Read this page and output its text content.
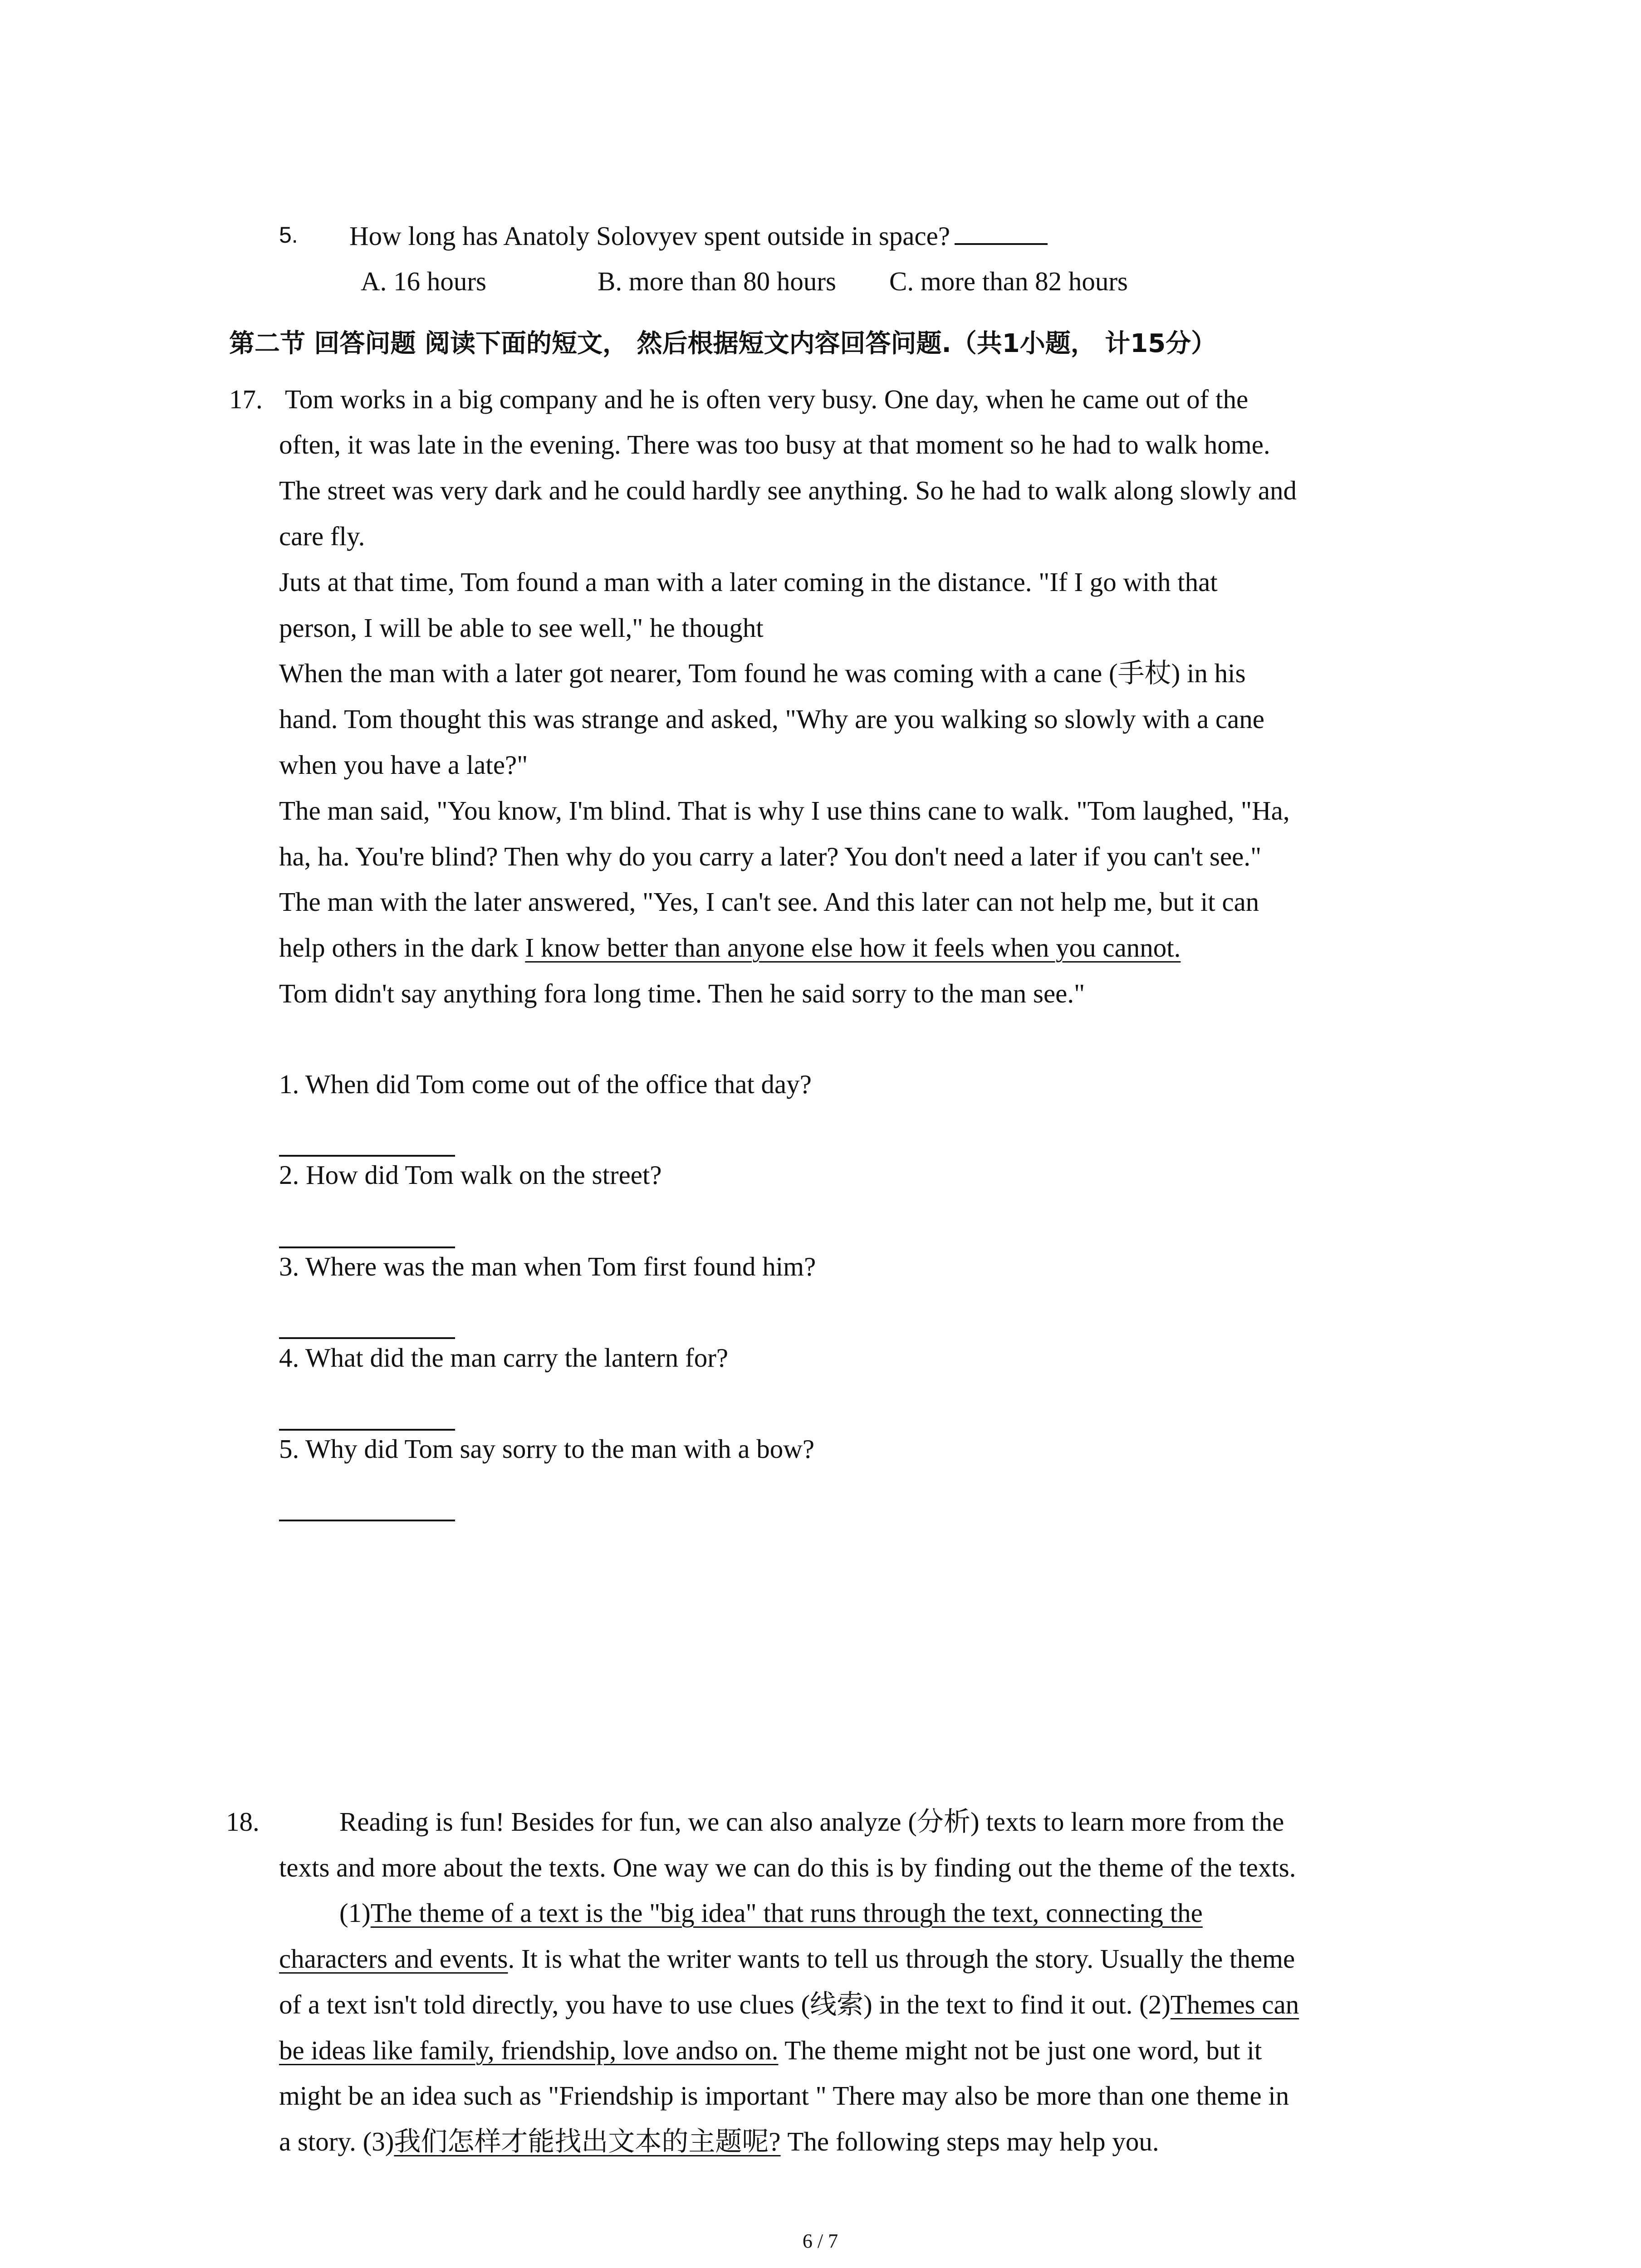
5. How long has Anatoly Solovyev spent outside in space?
A. 16 hours	B. more than 80 hours C. more than 82 hours
第二节 回答问题 阅读下面的短文， 然后根据短文内容回答问题.（共1小题， 计15分）
17. Tom works in a big company and he is often very busy. One day, when he came out of the
often, it was late in the evening. There was too busy at that moment so he had to walk home.
The street was very dark and he could hardly see anything. So he had to walk along slowly and
care fly.
Juts at that time, Tom found a man with a later coming in the distance. "If I go with that
person, I will be able to see well," he thought
When the man with a later got nearer, Tom found he was coming with a cane (手杖) in his
hand. Tom thought this was strange and asked, "Why are you walking so slowly with a cane
when you have a late?"
The man said, "You know, I'm blind. That is why I use thins cane to walk. "Tom laughed, "Ha,
ha, ha. You're blind? Then why do you carry a later? You don't need a later if you can't see."
The man with the later answered, "Yes, I can't see. And this later can not help me, but it can
help others in the dark I know better than anyone else how it feels when you cannot.
Tom didn't say anything fora long time. Then he said sorry to the man see."
1. When did Tom come out of the office that day?
2. How did Tom walk on the street?
3. Where was the man when Tom first found him?
4. What did the man carry the lantern for?
5. Why did Tom say sorry to the man with a bow?
18.	Reading is fun! Besides for fun, we can also analyze (分析) texts to learn more from the
texts and more about the texts. One way we can do this is by finding out the theme of the texts.
(1)The theme of a text is the "big idea" that runs through the text, connecting the
characters and events. It is what the writer wants to tell us through the story. Usually the theme
of a text isn't told directly, you have to use clues (线索) in the text to find it out. (2)Themes can
be ideas like family, friendship, love andso on. The theme might not be just one word, but it
might be an idea such as "Friendship is important " There may also be more than one theme in
a story. (3)我们怎样才能找出文本的主题呢? The following steps may help you.
6 / 7
